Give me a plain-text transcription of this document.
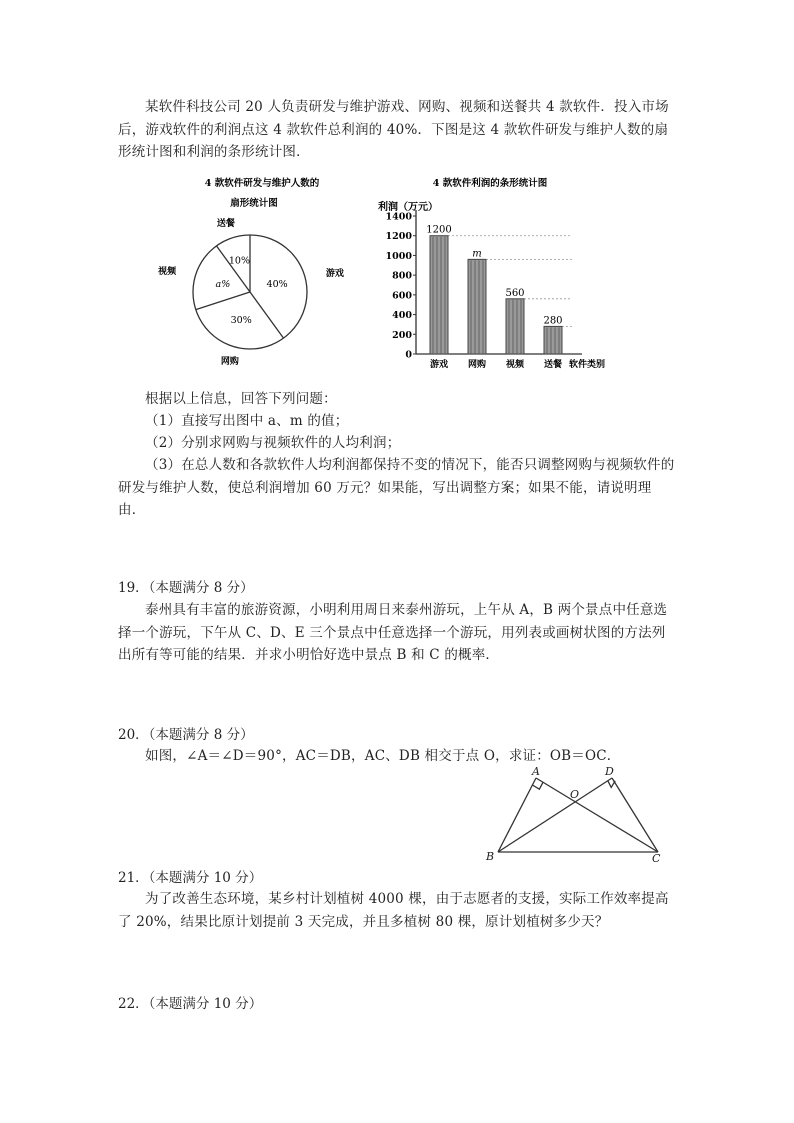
某软件科技公司 20 人负责研发与维护游戏、网购、视频和送餐共 4 款软件．投入市场后，游戏软件的利润点这 4 款软件总利润的 40%．下图是这 4 款软件研发与维护人数的扇形统计图和利润的条形统计图．
4 款软件研发与维护人数的
扇形统计图
40%
游戏
30%
网购
a%
视频
10%
送餐
4 款软件利润的条形统计图
利润（万元）
0
200
400
600
800
1000
1200
1400
1200
游戏
m
网购
560
视频
280
送餐 软件类别
根据以上信息，回答下列问题：
（1）直接写出图中 a、m 的值；
（2）分别求网购与视频软件的人均利润；
（3）在总人数和各款软件人均利润都保持不变的情况下，能否只调整网购与视频软件的研发与维护人数，使总利润增加 60 万元？如果能，写出调整方案；如果不能，请说明理由．
19．（本题满分 8 分）
泰州具有丰富的旅游资源，小明利用周日来泰州游玩，上午从 A，B 两个景点中任意选择一个游玩，下午从 C、D、E 三个景点中任意选择一个游玩，用列表或画树状图的方法列出所有等可能的结果．并求小明恰好选中景点 B 和 C 的概率．
20．（本题满分 8 分）
如图，∠A＝∠D＝90°，AC＝DB，AC、DB 相交于点 O，求证：OB＝OC．
A
B	C
D
O
21．（本题满分 10 分）
为了改善生态环境，某乡村计划植树 4000 棵，由于志愿者的支援，实际工作效率提高了 20%，结果比原计划提前 3 天完成，并且多植树 80 棵，原计划植树多少天？
22．（本题满分 10 分）
